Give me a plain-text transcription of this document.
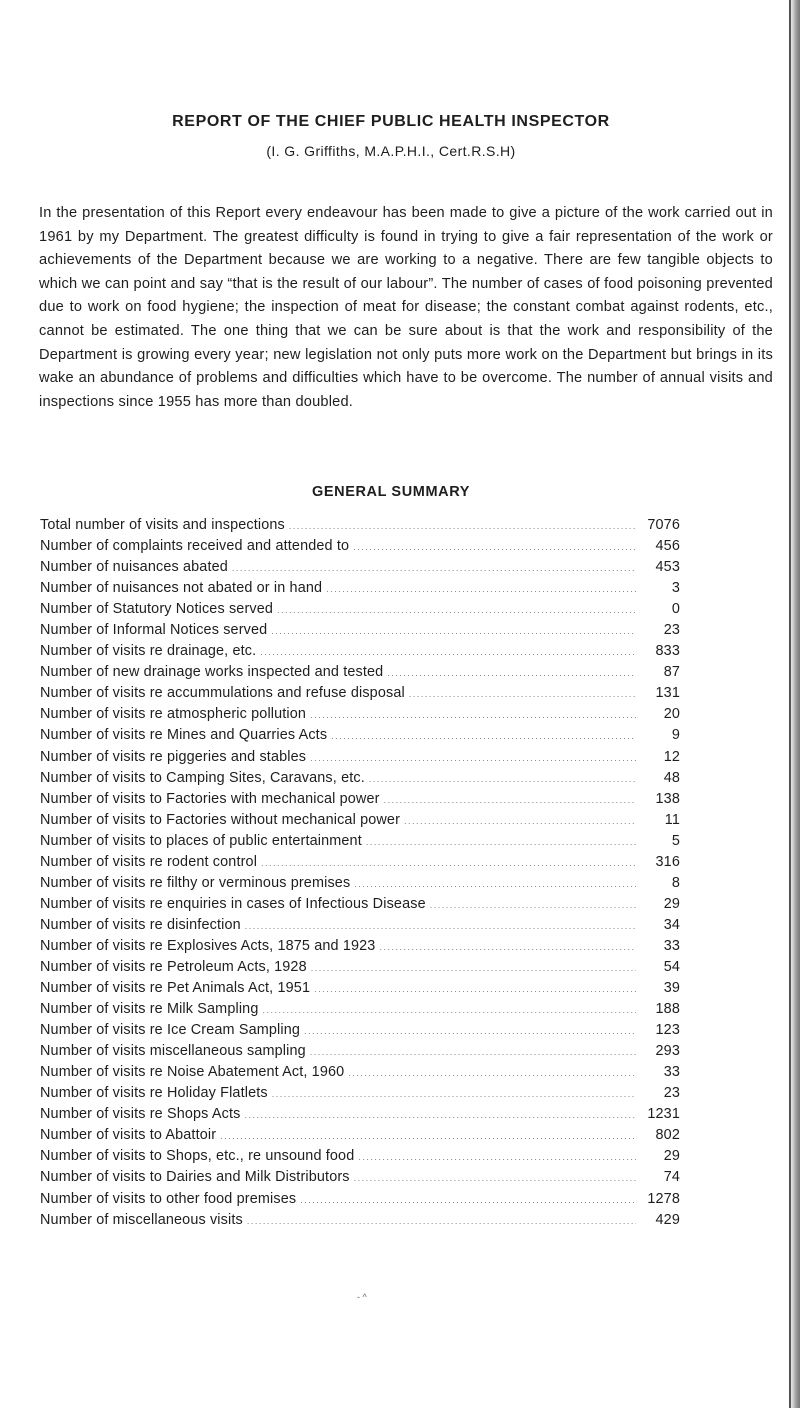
REPORT OF THE CHIEF PUBLIC HEALTH INSPECTOR

(I. G. Griffiths, M.A.P.H.I., Cert.R.S.H)

In the presentation of this Report every endeavour has been made to give a picture of the work carried out in 1961 by my Department. The greatest difficulty is found in trying to give a fair representation of the work or achievements of the Department because we are working to a negative. There are few tangible objects to which we can point and say “that is the result of our labour”. The number of cases of food poisoning prevented due to work on food hygiene; the inspection of meat for disease; the constant combat against rodents, etc., cannot be estimated. The one thing that we can be sure about is that the work and responsibility of the Department is growing every year; new legislation not only puts more work on the Department but brings in its wake an abundance of problems and difficulties which have to be overcome. The number of annual visits and inspections since 1955 has more than doubled.

GENERAL SUMMARY
Total number of visits and inspections .....	7076
Number of complaints received and attended to .....	456
Number of nuisances abated .....	453
Number of nuisances not abated or in hand .....	3
Number of Statutory Notices served .....	0
Number of Informal Notices served .....	23
Number of visits re drainage, etc. .....	833
Number of new drainage works inspected and tested .....	87
Number of visits re accummulations and refuse disposal .....	131
Number of visits re atmospheric pollution .....	20
Number of visits re Mines and Quarries Acts .....	9
Number of visits re piggeries and stables .....	12
Number of visits to Camping Sites, Caravans, etc. .....	48
Number of visits to Factories with mechanical power .....	138
Number of visits to Factories without mechanical power .....	11
Number of visits to places of public entertainment .....	5
Number of visits re rodent control .....	316
Number of visits re filthy or verminous premises .....	8
Number of visits re enquiries in cases of Infectious Disease .....	29
Number of visits re disinfection .....	34
Number of visits re Explosives Acts, 1875 and 1923 .....	33
Number of visits re Petroleum Acts, 1928 .....	54
Number of visits re Pet Animals Act, 1951 .....	39
Number of visits re Milk Sampling .....	188
Number of visits re Ice Cream Sampling .....	123
Number of visits miscellaneous sampling .....	293
Number of visits re Noise Abatement Act, 1960 .....	33
Number of visits re Holiday Flatlets .....	23
Number of visits re Shops Acts .....	1231
Number of visits to Abattoir .....	802
Number of visits to Shops, etc., re unsound food .....	29
Number of visits to Dairies and Milk Distributors .....	74
Number of visits to other food premises .....	1278
Number of miscellaneous visits .....	429
- ^
